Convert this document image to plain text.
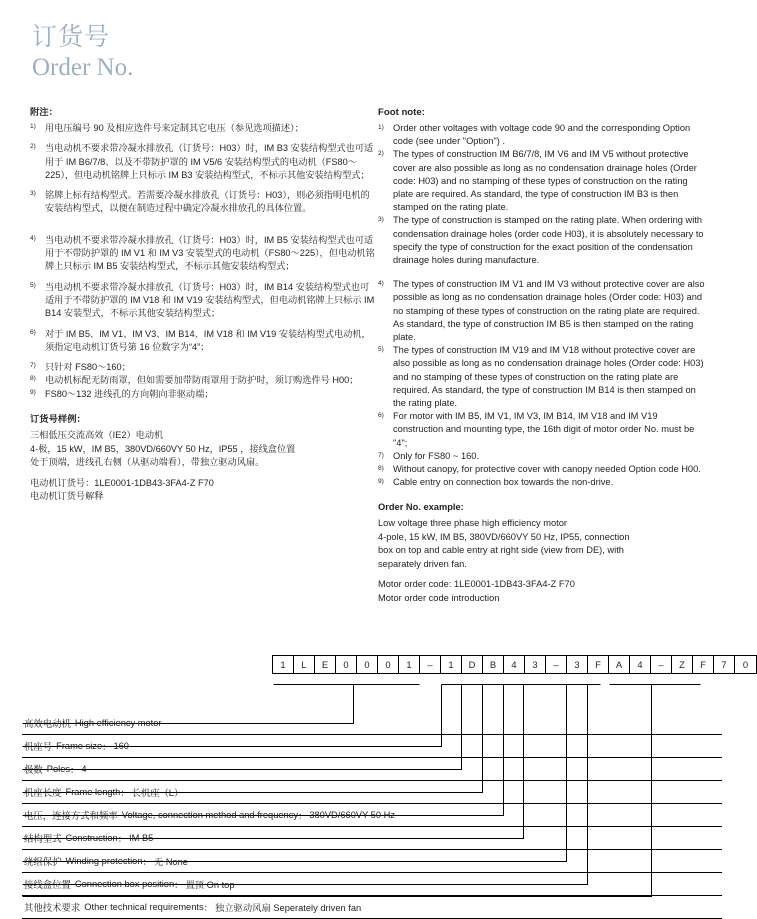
订货号
Order No.
附注：
1) 用电压编号 90 及相应选件号来定制其它电压（参见选项描述）；
2) 当电动机不要求带冷凝水排放孔（订货号：H03）时，IM B3 安装结构型式也可适用于 IM B6/7/8、以及不带防护罩的 IM V5/6 安装结构型式的电动机（FS80～225），但电动机铭牌上只标示 IM B3 安装结构型式，不标示其他安装结构型式；
3) 铭牌上标有结构型式。若需要冷凝水排放孔（订货号：H03），则必须指明电机的安装结构型式，以便在制造过程中确定冷凝水排放孔的具体位置。
4) 当电动机不要求带冷凝水排放孔（订货号：H03）时，IM B5 安装结构型式也可适用于不带防护罩的 IM V1 和 IM V3 安装型式的电动机（FS80～225），但电动机铭牌上只标示 IM B5 安装结构型式，不标示其他安装结构型式；
5) 当电动机不要求带冷凝水排放孔（订货号：H03）时，IM B14 安装结构型式也可适用于不带防护罩的 IM V18 和 IM V19 安装结构型式，但电动机铭牌上只标示 IM B14 安装型式，不标示其他安装结构型式；
6) 对于 IM B5、IM V1、IM V3、IM B14、IM V18 和 IM V19 安装结构型式电动机，须指定电动机订货号第 16 位数字为“4”；
7) 只针对 FS80～160；
8) 电动机标配无防雨罩，但如需要加带防雨罩用于防护时，须订购选件号 H00；
9) FS80～132 进线孔的方向朝向非驱动端；
订货号样例：
三相低压交流高效（IE2）电动机
4-极，15 kW，IM B5，380VD/660VY 50 Hz，IP55 ，接线盒位置
处于顶端，进线孔右侧（从驱动端看），带独立驱动风扇。
电动机订货号：1LE0001-1DB43-3FA4-Z F70
电动机订货号解释
Foot note:
1) Order other voltages with voltage code 90 and the corresponding Option code (see under "Option") .
2) The types of construction IM B6/7/8, IM V6 and IM V5 without protective cover are also possible as long as no condensation drainage holes (Order code: H03) and no stamping of these types of construction on the rating plate are required. As standard, the type of construction IM B3 is then stamped on the rating plate.
3) The type of construction is stamped on the rating plate. When ordering with condensation drainage holes (order code H03), it is absolutely necessary to specify the type of construction for the exact position of the condensation drainage holes during manufacture.
4) The types of construction IM V1 and IM V3 without protective cover are also possible as long as no condensation drainage holes (Order code: H03) and no stamping of these types of construction on the rating plate are required. As standard, the type of construction IM B5 is then stamped on the rating plate.
5) The types of construction IM V19 and IM V18 without protective cover are also possible as long as no condensation drainage holes (Order code: H03) and no stamping of these types of construction on the rating plate are required. As standard, the type of construction IM B14 is then stamped on the rating plate.
6) For motor with IM B5, IM V1, IM V3, IM B14, IM V18 and IM V19 construction and mounting type, the 16th digit of motor order No. must be "4";
7) Only for FS80 ~ 160.
8) Without canopy, for protective cover with canopy needed Option code H00.
9) Cable entry on connection box towards the non-drive.
Order No. example:
Low voltage three phase high efficiency motor
4-pole, 15 kW, IM B5, 380VD/660VY 50 Hz, IP55, connection
box on top and cable entry at right side (view from DE), with
separately driven fan.
Motor order code: 1LE0001-1DB43-3FA4-Z F70
Motor order code introduction
1	L	E	0	0	0	1	–	1	D	B	4	3	–	3	F	A	4	–	Z	F	7	0
高效电动机 High efficiency motor
机座号 Frame size ： 160
极数 Poles ： 4
机座长度 Frame length ： 长机座（L）
电压，连接方式和频率 Voltage, connection method and frequency ： 380VD/660VY 50 Hz
结构型式 Construction ： IM B5
绕组保护 Winding protection ： 无 None
接线盒位置 Connection box position ： 置顶 On top
其他技术要求 Other technical requirements ： 独立驱动风扇 Seperately driven fan
